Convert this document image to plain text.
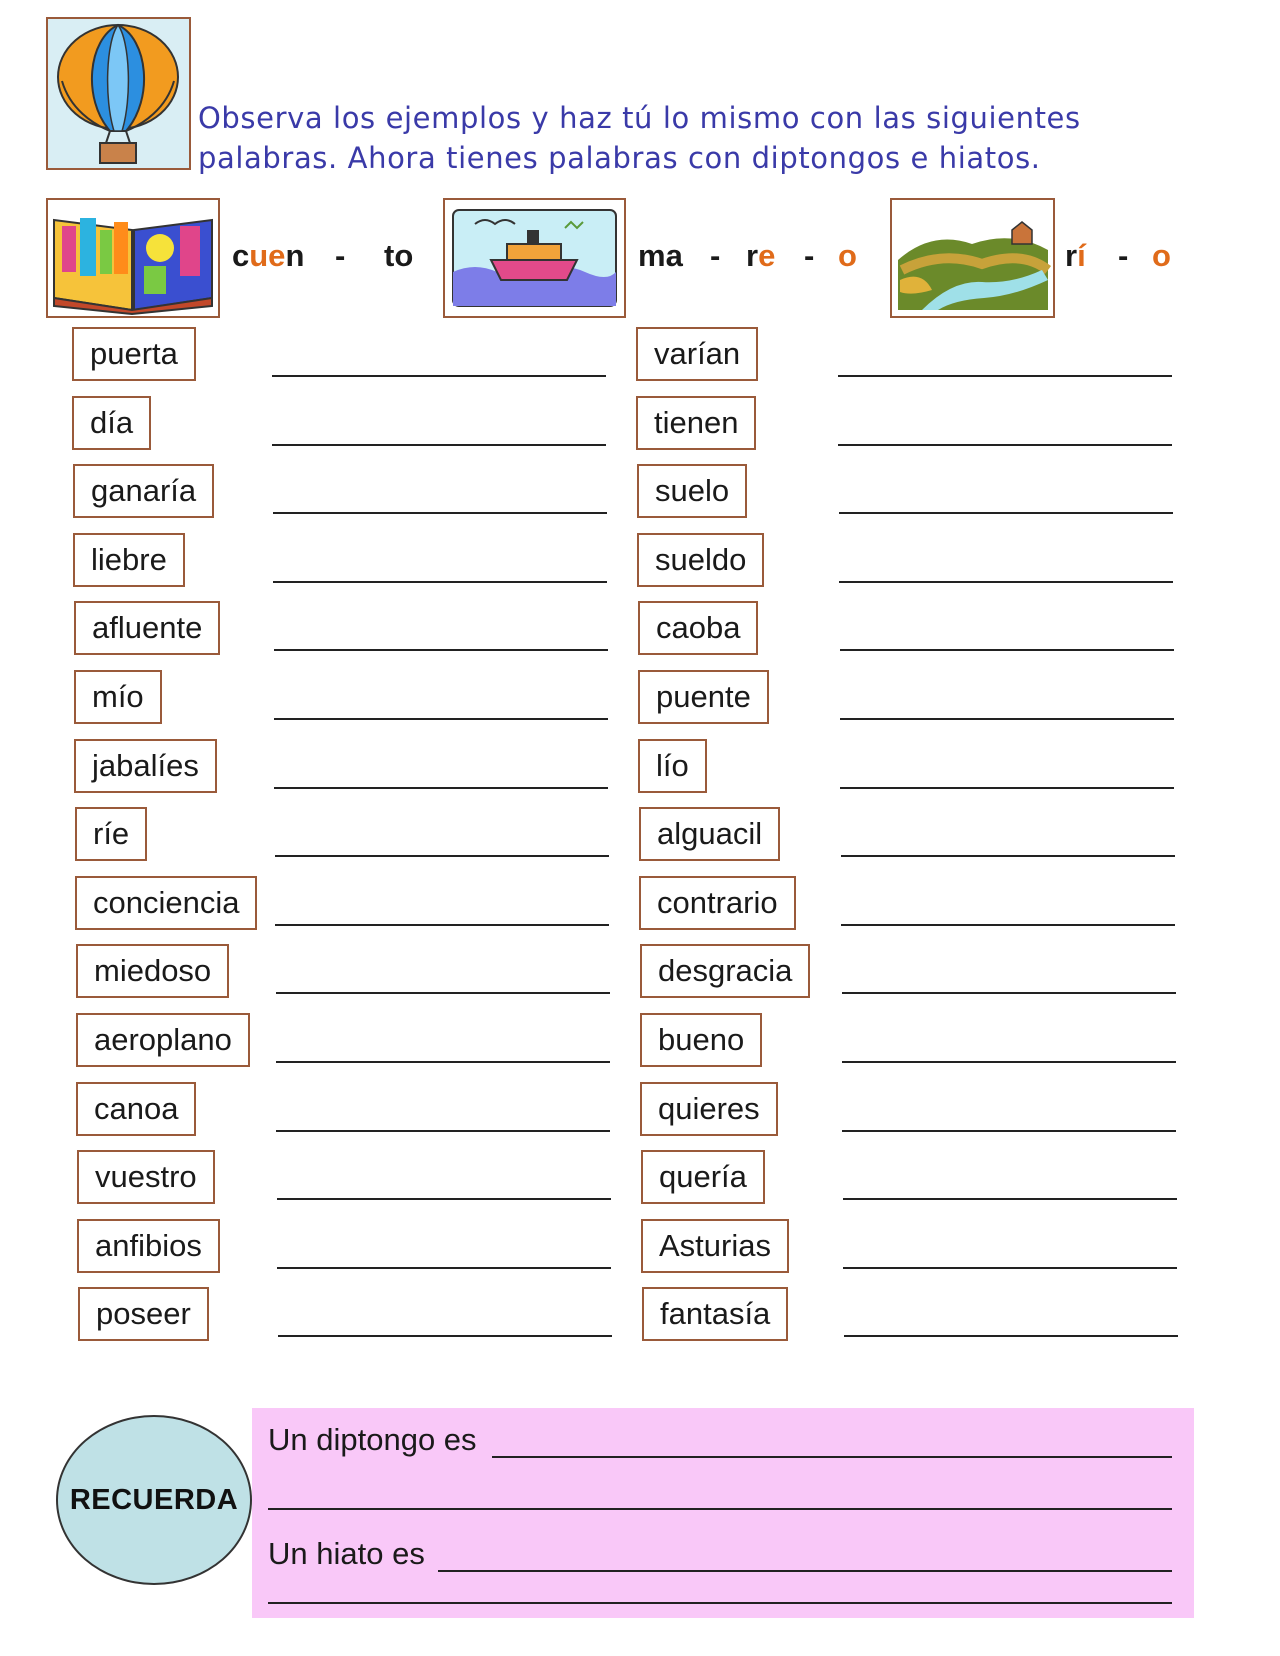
Observa los ejemplos y haz tú lo mismo con las siguientes
palabras. Ahora tienes palabras con diptongos e hiatos.
cuen - to	ma - re - o	rí - o
puerta
día
ganaría
liebre
afluente
mío
jabalíes
ríe
conciencia
miedoso
aeroplano
canoa
vuestro
anfibios
poseer
varían
tienen
suelo
sueldo
caoba
puente
lío
alguacil
contrario
desgracia
bueno
quieres
quería
Asturias
fantasía
RECUERDA
Un diptongo es
Un hiato es
